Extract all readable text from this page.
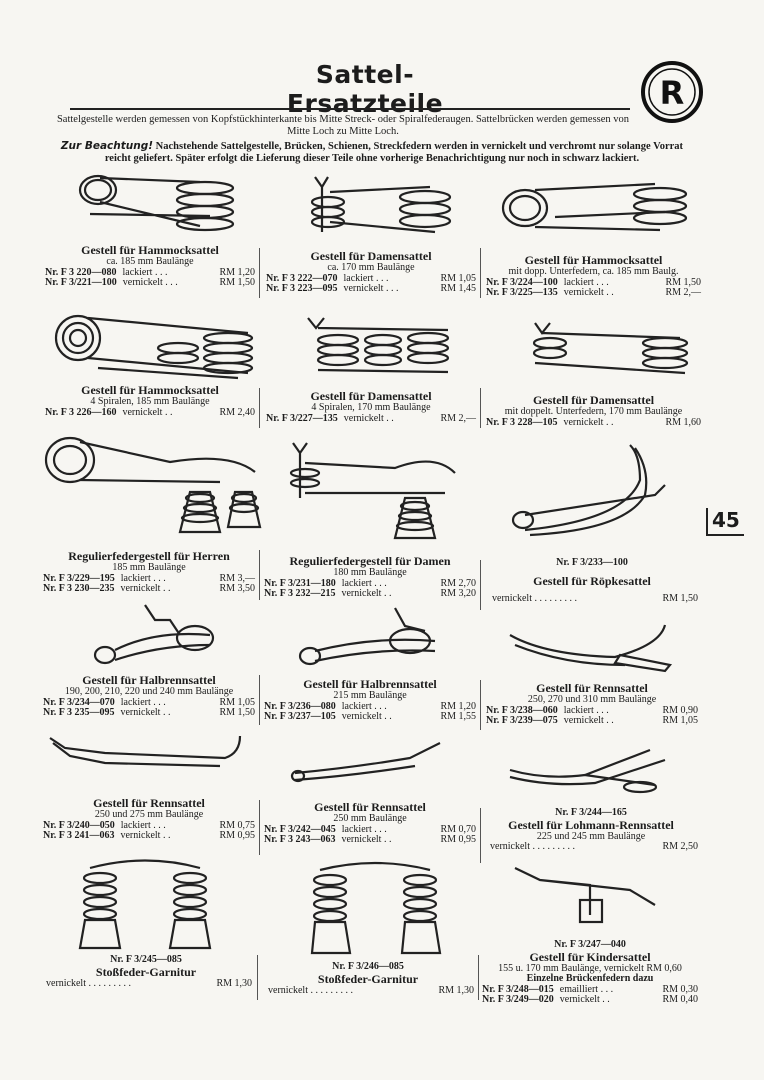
Sattel-Ersatzteile	R
Sattelgestelle werden gemessen von Kopfstückhinterkante bis Mitte Streck- oder Spiralfederaugen. Sattelbrücken werden gemessen von Mitte Loch zu Mitte Loch.
Zur Beachtung! Nachstehende Sattelgestelle, Brücken, Schienen, Streckfedern werden in vernickelt und verchromt nur solange Vorrat reicht geliefert. Später erfolgt die Lieferung dieser Teile ohne vorherige Benachrichtigung nur noch in schwarz lackiert.
45
Gestell für Hammocksattel
ca. 185 mm Baulänge
Nr. F 3 220—080 lackiert . . .	RM 1,20
Nr. F 3/221—100 vernickelt . . .	RM 1,50
Gestell für Damensattel
ca. 170 mm Baulänge
Nr. F 3 222—070 lackiert . . .	RM 1,05
Nr. F 3 223—095 vernickelt . . .	RM 1,45
Gestell für Hammocksattel
mit dopp. Unterfedern, ca. 185 mm Baulg.
Nr. F 3/224—100 lackiert . . .	RM 1,50
Nr. F 3/225—135 vernickelt . .	RM 2,—
Gestell für Hammocksattel
4 Spiralen, 185 mm Baulänge
Nr. F 3 226—160 vernickelt . .	RM 2,40
Gestell für Damensattel
4 Spiralen, 170 mm Baulänge
Nr. F 3/227—135 vernickelt . .	RM 2,—
Gestell für Damensattel
mit doppelt. Unterfedern, 170 mm Baulänge
Nr. F 3 228—105 vernickelt . .	RM 1,60
Regulierfedergestell für Herren
185 mm Baulänge
Nr. F 3/229—195 lackiert . . .	RM 3,—
Nr. F 3 230—235 vernickelt . .	RM 3,50
Regulierfedergestell für Damen
180 mm Baulänge
Nr. F 3/231—180 lackiert . . .	RM 2,70
Nr. F 3 232—215 vernickelt . .	RM 3,20
Nr. F 3/233—100
Gestell für Röpkesattel
vernickelt . . . . . . . . .	RM 1,50
Gestell für Halbrennsattel
190, 200, 210, 220 und 240 mm Baulänge
Nr. F 3/234—070 lackiert . . .	RM 1,05
Nr. F 3 235—095 vernickelt . .	RM 1,50
Gestell für Halbrennsattel
215 mm Baulänge
Nr. F 3/236—080 lackiert . . .	RM 1,20
Nr. F 3/237—105 vernickelt . .	RM 1,55
Gestell für Rennsattel
250, 270 und 310 mm Baulänge
Nr. F 3/238—060 lackiert . . .	RM 0,90
Nr. F 3/239—075 vernickelt . .	RM 1,05
Gestell für Rennsattel
250 und 275 mm Baulänge
Nr. F 3/240—050 lackiert . . .	RM 0,75
Nr. F 3 241—063 vernickelt . .	RM 0,95
Gestell für Rennsattel
250 mm Baulänge
Nr. F 3/242—045 lackiert . . .	RM 0,70
Nr. F 3 243—063 vernickelt . .	RM 0,95
Nr. F 3/244—165
Gestell für Lohmann-Rennsattel
225 und 245 mm Baulänge
vernickelt . . . . . . . . .	RM 2,50
Nr. F 3/245—085
Stoßfeder-Garnitur
vernickelt . . . . . . . . .	RM 1,30
Nr. F 3/246—085
Stoßfeder-Garnitur
vernickelt . . . . . . . . .	RM 1,30
Nr. F 3/247—040
Gestell für Kindersattel
155 u. 170 mm Baulänge, vernickelt RM 0,60
Einzelne Brückenfedern dazu
Nr. F 3/248—015 emailliert . . .	RM 0,30
Nr. F 3/249—020 vernickelt . .	RM 0,40
